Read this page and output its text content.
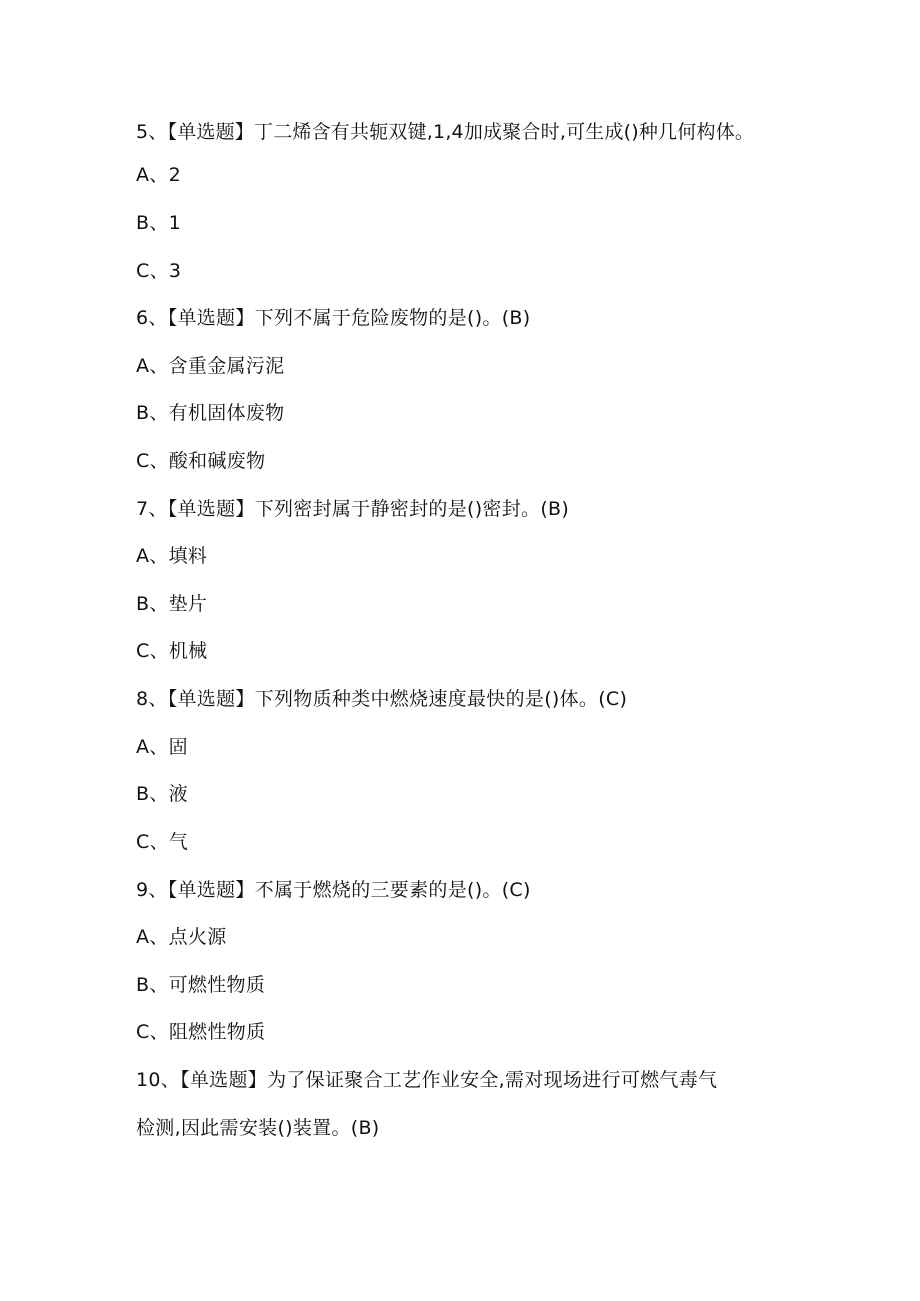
5、【单选题】丁二烯含有共轭双键,1,4加成聚合时,可生成()种几何构体。
A、2
B、1
C、3
6、【单选题】下列不属于危险废物的是()。(B)
A、含重金属污泥
B、有机固体废物
C、酸和碱废物
7、【单选题】下列密封属于静密封的是()密封。(B)
A、填料
B、垫片
C、机械
8、【单选题】下列物质种类中燃烧速度最快的是()体。(C)
A、固
B、液
C、气
9、【单选题】不属于燃烧的三要素的是()。(C)
A、点火源
B、可燃性物质
C、阻燃性物质
10、【单选题】为了保证聚合工艺作业安全,需对现场进行可燃气毒气
检测,因此需安装()装置。(B)
